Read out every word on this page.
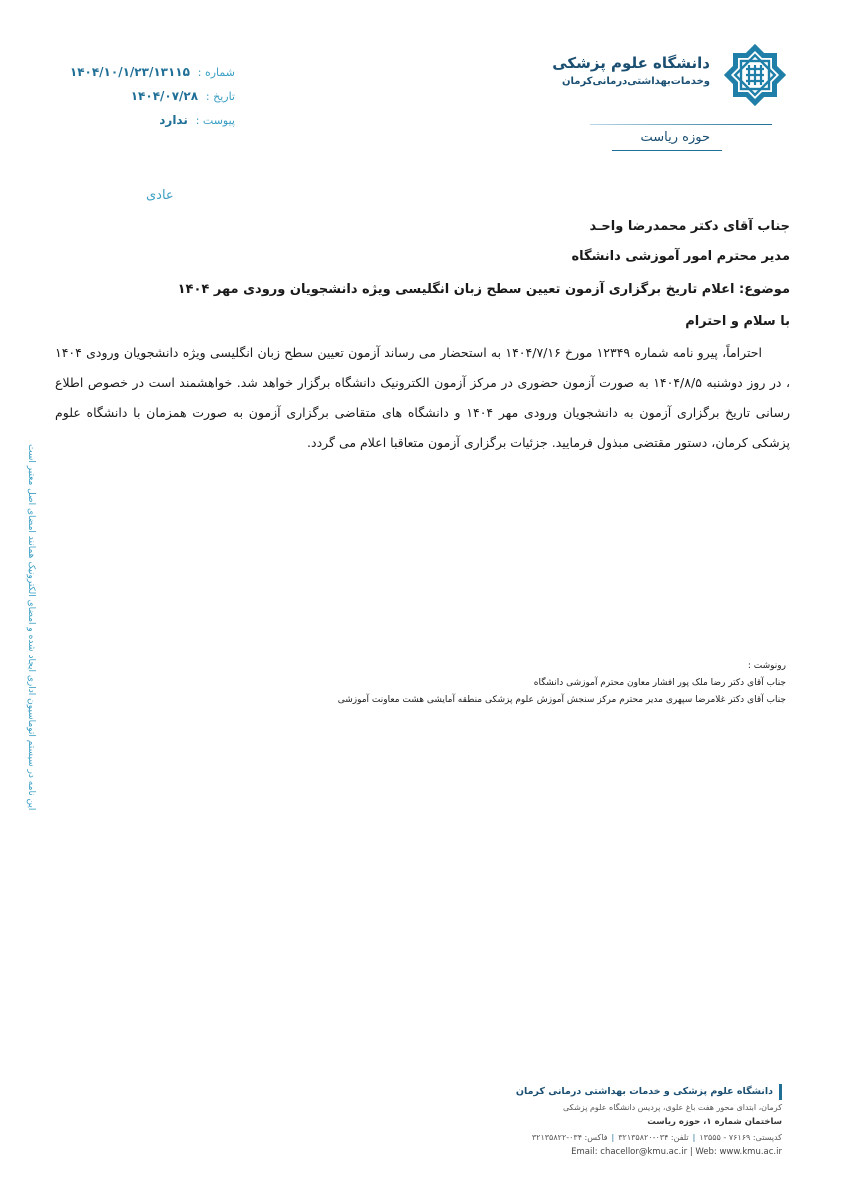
شماره : ۱۴۰۴/۱۰/۱/۲۳/۱۳۱۱۵
تاریخ : ۱۴۰۴/۰۷/۲۸
پیوست : ندارد
دانشگاه علوم پزشکی
وخدمات‌بهداشتی‌درمانی‌کرمان
حوزه ریاست
عادی
جناب آقای دکتر محمدرضا واحـد
مدیر محترم امور آموزشی دانشگاه
موضوع: اعلام تاریخ برگزاری آزمون تعیین سطح زبان انگلیسی ویژه دانشجویان ورودی مهر ۱۴۰۴
با سلام و احترام
احتراماً، پیرو نامه شماره ۱۲۳۴۹ مورخ ۱۴۰۴/۷/۱۶ به استحضار می رساند آزمون تعیین سطح زبان انگلیسی ویژه دانشجویان ورودی ۱۴۰۴ ، در روز دوشنبه ۱۴۰۴/۸/۵ به صورت آزمون حضوری در مرکز آزمون الکترونیک دانشگاه برگزار خواهد شد. خواهشمند است در خصوص اطلاع رسانی تاریخ برگزاری آزمون به دانشجویان ورودی مهر ۱۴۰۴ و دانشگاه های متقاضی برگزاری آزمون به صورت همزمان با دانشگاه علوم پزشکی کرمان، دستور مقتضی مبذول فرمایید. جزئیات برگزاری آزمون متعاقبا اعلام می گردد.
رونوشت :
جناب آقای دکتر رضا ملک پور افشار معاون محترم آموزشی دانشگاه
جناب آقای دکتر غلامرضا سپهری مدیر محترم مرکز سنجش آموزش علوم پزشکی منطقه آمایشی هشت معاونت آموزشی
این نامه در سیستم اتوماسیون اداری ایجاد شده و امضای الکترونیک همانند امضای اصل معتبر است
دانشگاه علوم پزشکی و خدمات بهداشتی درمانی کرمان
کرمان، ابتدای محور هفت باغ علوی، پردیس دانشگاه علوم پزشکی
ساختمان شماره ۱، حوزه ریاست
کدپستی: ۷۶۱۶۹ - ۱۳۵۵۵|تلفن: ۰۳۴-۳۲۱۳۵۸۲۰|فاکس: ۰۳۴-۳۲۱۳۵۸۲۲
Email: chacellor@kmu.ac.ir | Web: www.kmu.ac.ir
